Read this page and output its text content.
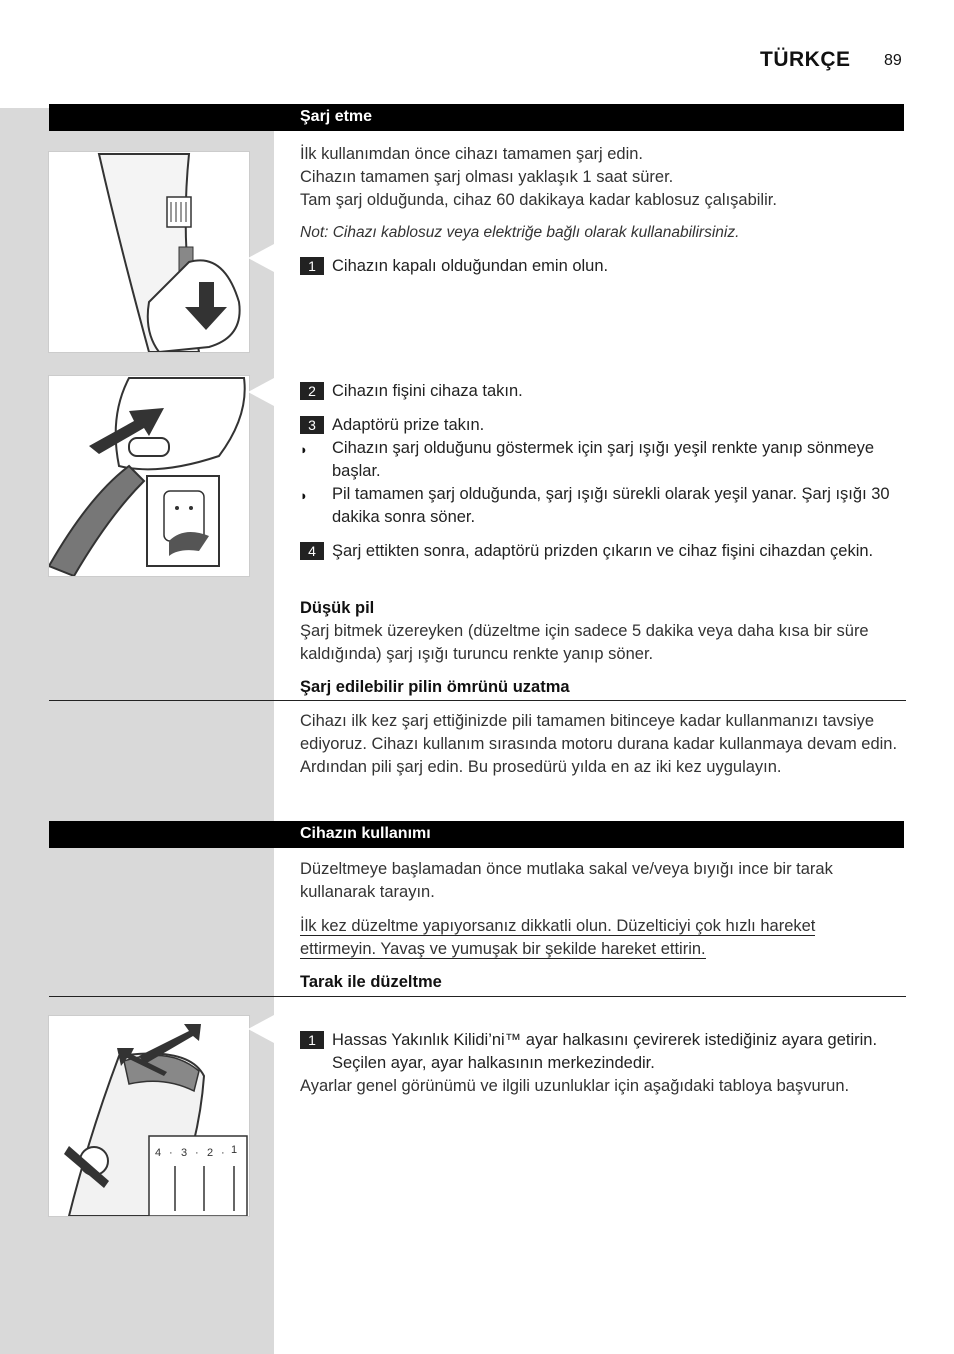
TÜRKÇE 89
Şarj etme
İlk kullanımdan önce cihazı tamamen şarj edin.
Cihazın tamamen şarj olması yaklaşık 1 saat sürer.
Tam şarj olduğunda, cihaz 60 dakikaya kadar kablosuz çalışabilir.
Not: Cihazı kablosuz veya elektriğe bağlı olarak kullanabilirsiniz.
1 Cihazın kapalı olduğundan emin olun.
2 Cihazın fişini cihaza takın.
3 Adaptörü prize takın.
◗ Cihazın şarj olduğunu göstermek için şarj ışığı yeşil renkte yanıp sönmeye başlar.
◗ Pil tamamen şarj olduğunda, şarj ışığı sürekli olarak yeşil yanar. Şarj ışığı 30 dakika sonra söner.
4 Şarj ettikten sonra, adaptörü prizden çıkarın ve cihaz fişini cihazdan çekin.
Düşük pil
Şarj bitmek üzereyken (düzeltme için sadece 5 dakika veya daha kısa bir süre kaldığında) şarj ışığı turuncu renkte yanıp söner.
Şarj edilebilir pilin ömrünü uzatma
Cihazı ilk kez şarj ettiğinizde pili tamamen bitinceye kadar kullanmanızı tavsiye ediyoruz. Cihazı kullanım sırasında motoru durana kadar kullanmaya devam edin. Ardından pili şarj edin. Bu prosedürü yılda en az iki kez uygulayın.
Cihazın kullanımı
Düzeltmeye başlamadan önce mutlaka sakal ve/veya bıyığı ince bir tarak kullanarak tarayın.
İlk kez düzeltme yapıyorsanız dikkatli olun. Düzelticiyi çok hızlı hareket
ettirmeyin. Yavaş ve yumuşak bir şekilde hareket ettirin.
Tarak ile düzeltme
4 · 3 · 2 · 1
1 Hassas Yakınlık Kilidi’ni™ ayar halkasını çevirerek istediğiniz ayara getirin. Seçilen ayar, ayar halkasının merkezindedir.
Ayarlar genel görünümü ve ilgili uzunluklar için aşağıdaki tabloya başvurun.
